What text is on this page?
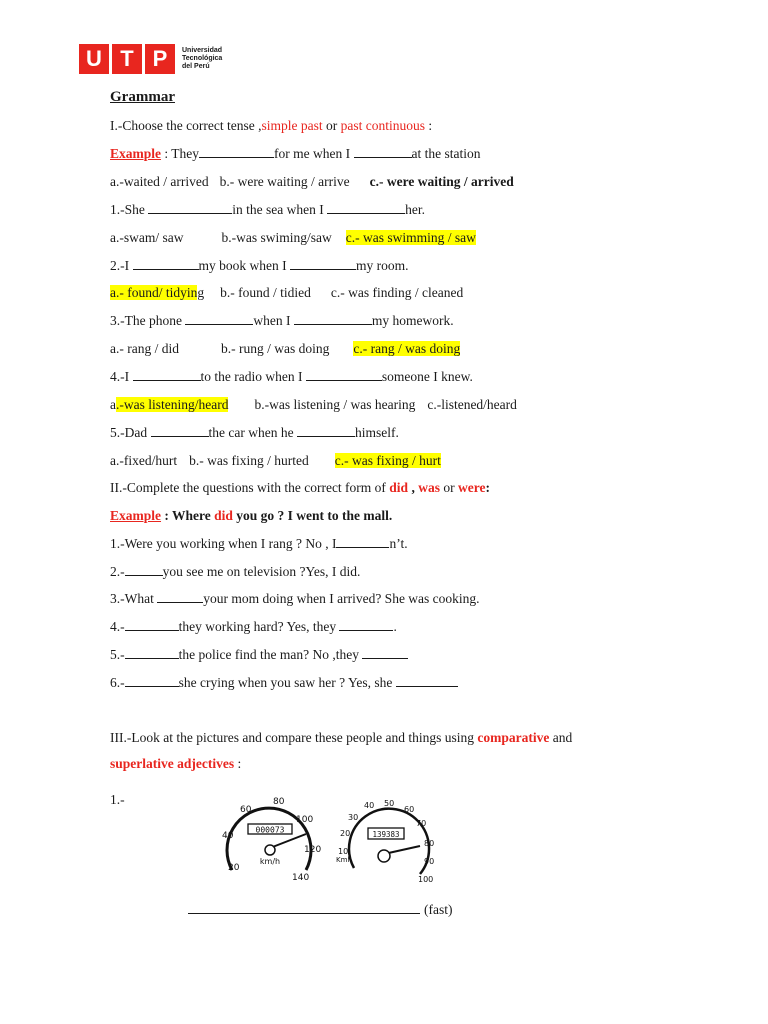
U T P	Universidad
Tecnológica
del Perú
Grammar
I.-Choose the correct tense ,simple past or past continuous :
Example : They	for me when I	at the station
a.-waited / arrived b.- were waiting / arrive c.- were waiting / arrived
1.-She	in the sea when I	her.
a.-swam/ saw	b.-was swiming/saw c.- was swimming / saw
2.-I	my book when I	my room.
a.- found/ tidying b.- found / tidied c.- was finding / cleaned
3.-The phone	when I	my homework.
a.- rang / did	b.- rung / was doing c.- rang / was doing
4.-I	to the radio when I	someone I knew.
a.-was listening/heard b.-was listening / was hearing c.-listened/heard
5.-Dad	the car when he	himself.
a.-fixed/hurt b.- was fixing / hurted c.- was fixing / hurt
II.-Complete the questions with the correct form of did , was or were:
Example : Where did you go ? I went to the mall.
1.-Were you working when I rang ? No , I	n’t.
2.-	you see me on television ?Yes, I did.
3.-What	your mom doing when I arrived? She was cooking.
4.-	they working hard? Yes, they	.
5.-	the police find the man? No ,they
6.-	she crying when you saw her ? Yes, she
III.-Look at the pictures and compare these people and things using comparative and
superlative adjectives :
1.-
000073
km/h
20
40
60
80
100
120
140
139383
Kmh
10
20
30
40 50
60
70
80
90
100
(fast)
